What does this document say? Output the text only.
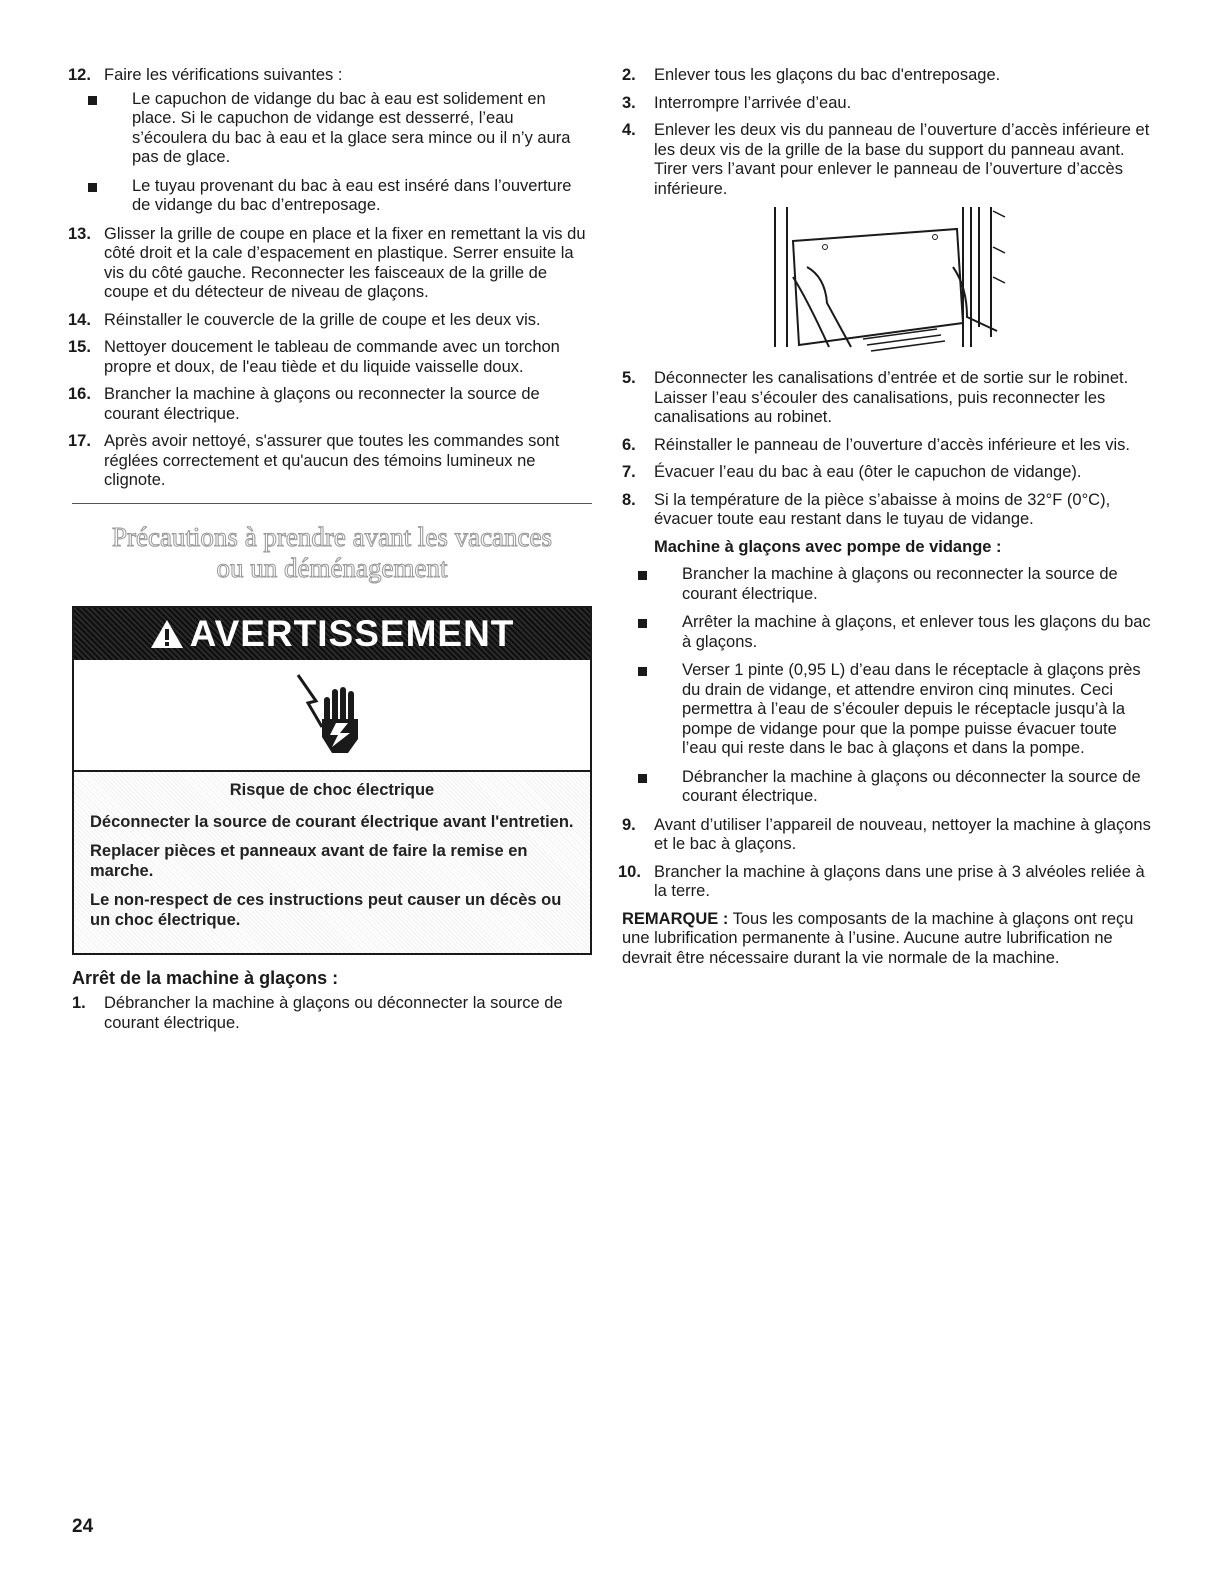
12. Faire les vérifications suivantes :
Le capuchon de vidange du bac à eau est solidement en place. Si le capuchon de vidange est desserré, l’eau s’écoulera du bac à eau et la glace sera mince ou il n’y aura pas de glace.
Le tuyau provenant du bac à eau est inséré dans l’ouverture de vidange du bac d’entreposage.
13. Glisser la grille de coupe en place et la fixer en remettant la vis du côté droit et la cale d’espacement en plastique. Serrer ensuite la vis du côté gauche. Reconnecter les faisceaux de la grille de coupe et du détecteur de niveau de glaçons.
14. Réinstaller le couvercle de la grille de coupe et les deux vis.
15. Nettoyer doucement le tableau de commande avec un torchon propre et doux, de l'eau tiède et du liquide vaisselle doux.
16. Brancher la machine à glaçons ou reconnecter la source de courant électrique.
17. Après avoir nettoyé, s'assurer que toutes les commandes sont réglées correctement et qu'aucun des témoins lumineux ne clignote.
Précautions à prendre avant les vacances
ou un déménagement
AVERTISSEMENT

Risque de choc électrique

Déconnecter la source de courant électrique avant l'entretien.

Replacer pièces et panneaux avant de faire la remise en marche.

Le non-respect de ces instructions peut causer un décès ou un choc électrique.

Arrêt de la machine à glaçons :
1. Débrancher la machine à glaçons ou déconnecter la source de courant électrique.
2. Enlever tous les glaçons du bac d'entreposage.
3. Interrompre l’arrivée d’eau.
4. Enlever les deux vis du panneau de l’ouverture d’accès inférieure et les deux vis de la grille de la base du support du panneau avant. Tirer vers l’avant pour enlever le panneau de l’ouverture d’accès inférieure.
5. Déconnecter les canalisations d’entrée et de sortie sur le robinet. Laisser l’eau s’écouler des canalisations, puis reconnecter les canalisations au robinet.
6. Réinstaller le panneau de l’ouverture d’accès inférieure et les vis.
7. Évacuer l’eau du bac à eau (ôter le capuchon de vidange).
8. Si la température de la pièce s’abaisse à moins de 32°F (0°C), évacuer toute eau restant dans le tuyau de vidange.
Machine à glaçons avec pompe de vidange :
Brancher la machine à glaçons ou reconnecter la source de courant électrique.
Arrêter la machine à glaçons, et enlever tous les glaçons du bac à glaçons.
Verser 1 pinte (0,95 L) d’eau dans le réceptacle à glaçons près du drain de vidange, et attendre environ cinq minutes. Ceci permettra à l’eau de s’écouler depuis le réceptacle jusqu’à la pompe de vidange pour que la pompe puisse évacuer toute l’eau qui reste dans le bac à glaçons et dans la pompe.
Débrancher la machine à glaçons ou déconnecter la source de courant électrique.
9. Avant d’utiliser l’appareil de nouveau, nettoyer la machine à glaçons et le bac à glaçons.
10. Brancher la machine à glaçons dans une prise à 3 alvéoles reliée à la terre.
REMARQUE : Tous les composants de la machine à glaçons ont reçu une lubrification permanente à l’usine. Aucune autre lubrification ne devrait être nécessaire durant la vie normale de la machine.
24
